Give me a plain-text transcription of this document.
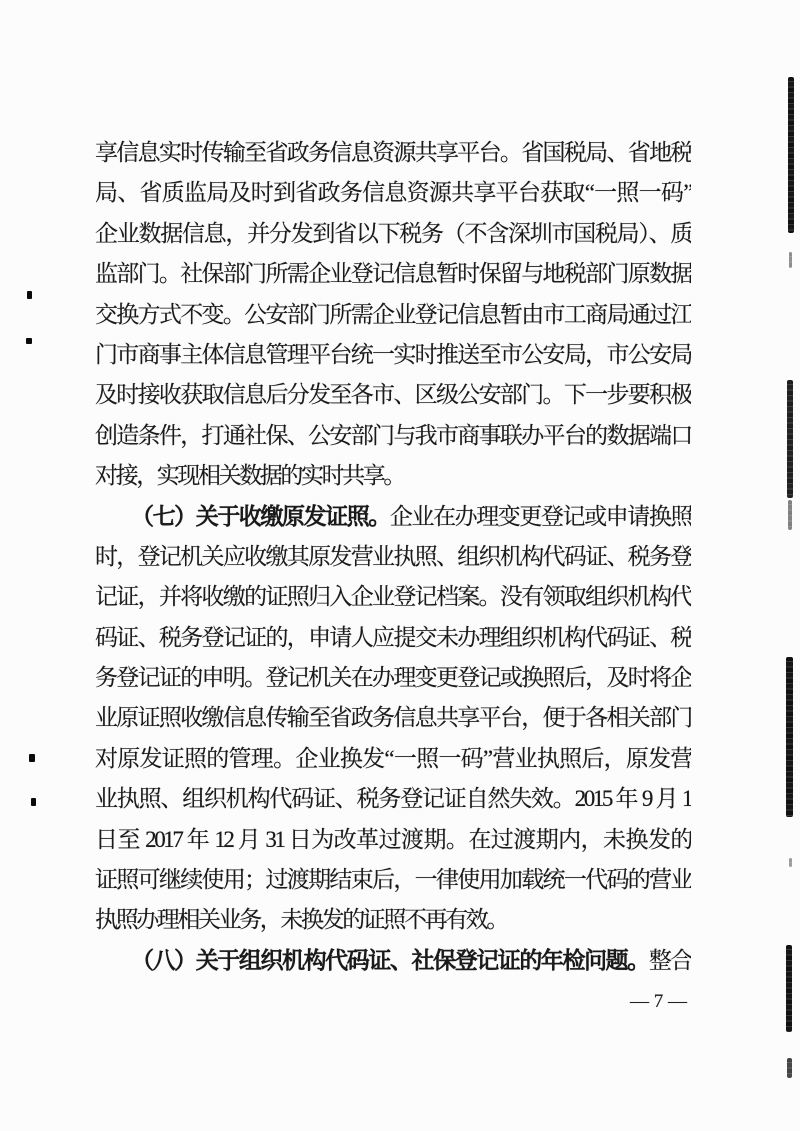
享信息实时传输至省政务信息资源共享平台。省国税局、省地税
局、省质监局及时到省政务信息资源共享平台获取“一照一码”
企业数据信息，并分发到省以下税务（不含深圳市国税局）、质
监部门。社保部门所需企业登记信息暂时保留与地税部门原数据
交换方式不变。公安部门所需企业登记信息暂由市工商局通过江
门市商事主体信息管理平台统一实时推送至市公安局，市公安局
及时接收获取信息后分发至各市、区级公安部门。下一步要积极
创造条件，打通社保、公安部门与我市商事联办平台的数据端口
对接，实现相关数据的实时共享。
（七）关于收缴原发证照。企业在办理变更登记或申请换照
时，登记机关应收缴其原发营业执照、组织机构代码证、税务登
记证，并将收缴的证照归入企业登记档案。没有领取组织机构代
码证、税务登记证的，申请人应提交未办理组织机构代码证、税
务登记证的申明。登记机关在办理变更登记或换照后，及时将企
业原证照收缴信息传输至省政务信息共享平台，便于各相关部门
对原发证照的管理。企业换发“一照一码”营业执照后，原发营
业执照、组织机构代码证、税务登记证自然失效。2015 年 9 月 1
日至 2017 年 12 月 31 日为改革过渡期。在过渡期内，未换发的
证照可继续使用；过渡期结束后，一律使用加载统一代码的营业
执照办理相关业务，未换发的证照不再有效。
（八）关于组织机构代码证、社保登记证的年检问题。整合
— 7 —
